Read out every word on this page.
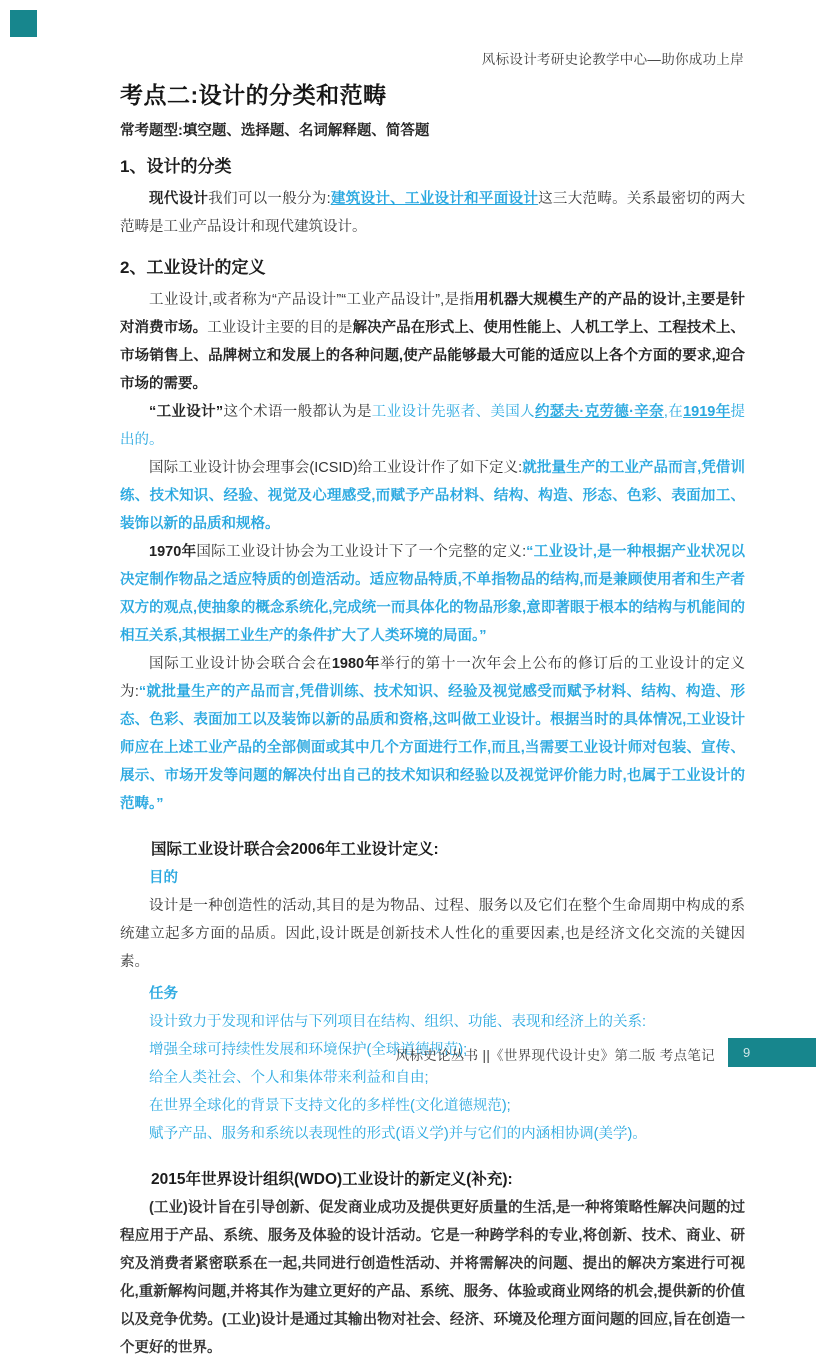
风标设计考研史论教学中心—助你成功上岸
考点二:设计的分类和范畴
常考题型:填空题、选择题、名词解释题、简答题
1、设计的分类

现代设计我们可以一般分为:建筑设计、工业设计和平面设计这三大范畴。关系最密切的两大范畴是工业产品设计和现代建筑设计。

2、工业设计的定义

工业设计,或者称为“产品设计”“工业产品设计”,是指用机器大规模生产的产品的设计,主要是针对消费市场。工业设计主要的目的是解决产品在形式上、使用性能上、人机工学上、工程技术上、市场销售上、品牌树立和发展上的各种问题,使产品能够最大可能的适应以上各个方面的要求,迎合市场的需要。

“工业设计”这个术语一般都认为是工业设计先驱者、美国人约瑟夫·克劳德·辛奈,在1919年提出的。

国际工业设计协会理事会(ICSID)给工业设计作了如下定义:就批量生产的工业产品而言,凭借训练、技术知识、经验、视觉及心理感受,而赋予产品材料、结构、构造、形态、色彩、表面加工、装饰以新的品质和规格。

1970年国际工业设计协会为工业设计下了一个完整的定义:“工业设计,是一种根据产业状况以决定制作物品之适应特质的创造活动。适应物品特质,不单指物品的结构,而是兼顾使用者和生产者双方的观点,使抽象的概念系统化,完成统一而具体化的物品形象,意即著眼于根本的结构与机能间的相互关系,其根据工业生产的条件扩大了人类环境的局面。”

国际工业设计协会联合会在1980年举行的第十一次年会上公布的修订后的工业设计的定义为:“就批量生产的产品而言,凭借训练、技术知识、经验及视觉感受而赋予材料、结构、构造、形态、色彩、表面加工以及装饰以新的品质和资格,这叫做工业设计。根据当时的具体情况,工业设计师应在上述工业产品的全部侧面或其中几个方面进行工作,而且,当需要工业设计师对包装、宣传、展示、市场开发等问题的解决付出自己的技术知识和经验以及视觉评价能力时,也属于工业设计的范畴。”

国际工业设计联合会2006年工业设计定义:
目的

设计是一种创造性的活动,其目的是为物品、过程、服务以及它们在整个生命周期中构成的系统建立起多方面的品质。因此,设计既是创新技术人性化的重要因素,也是经济文化交流的关键因素。

任务
设计致力于发现和评估与下列项目在结构、组织、功能、表现和经济上的关系:
增强全球可持续性发展和环境保护(全球道德规范);
给全人类社会、个人和集体带来利益和自由;
在世界全球化的背景下支持文化的多样性(文化道德规范);
赋予产品、服务和系统以表现性的形式(语义学)并与它们的内涵相协调(美学)。
2015年世界设计组织(WDO)工业设计的新定义(补充):

(工业)设计旨在引导创新、促发商业成功及提供更好质量的生活,是一种将策略性解决问题的过程应用于产品、系统、服务及体验的设计活动。它是一种跨学科的专业,将创新、技术、商业、研究及消费者紧密联系在一起,共同进行创造性活动、并将需解决的问题、提出的解决方案进行可视化,重新解构问题,并将其作为建立更好的产品、系统、服务、体验或商业网络的机会,提供新的价值以及竞争优势。(工业)设计是通过其输出物对社会、经济、环境及伦理方面问题的回应,旨在创造一个更好的世界。

风标史论丛书 ||《世界现代设计史》第二版 考点笔记	9
